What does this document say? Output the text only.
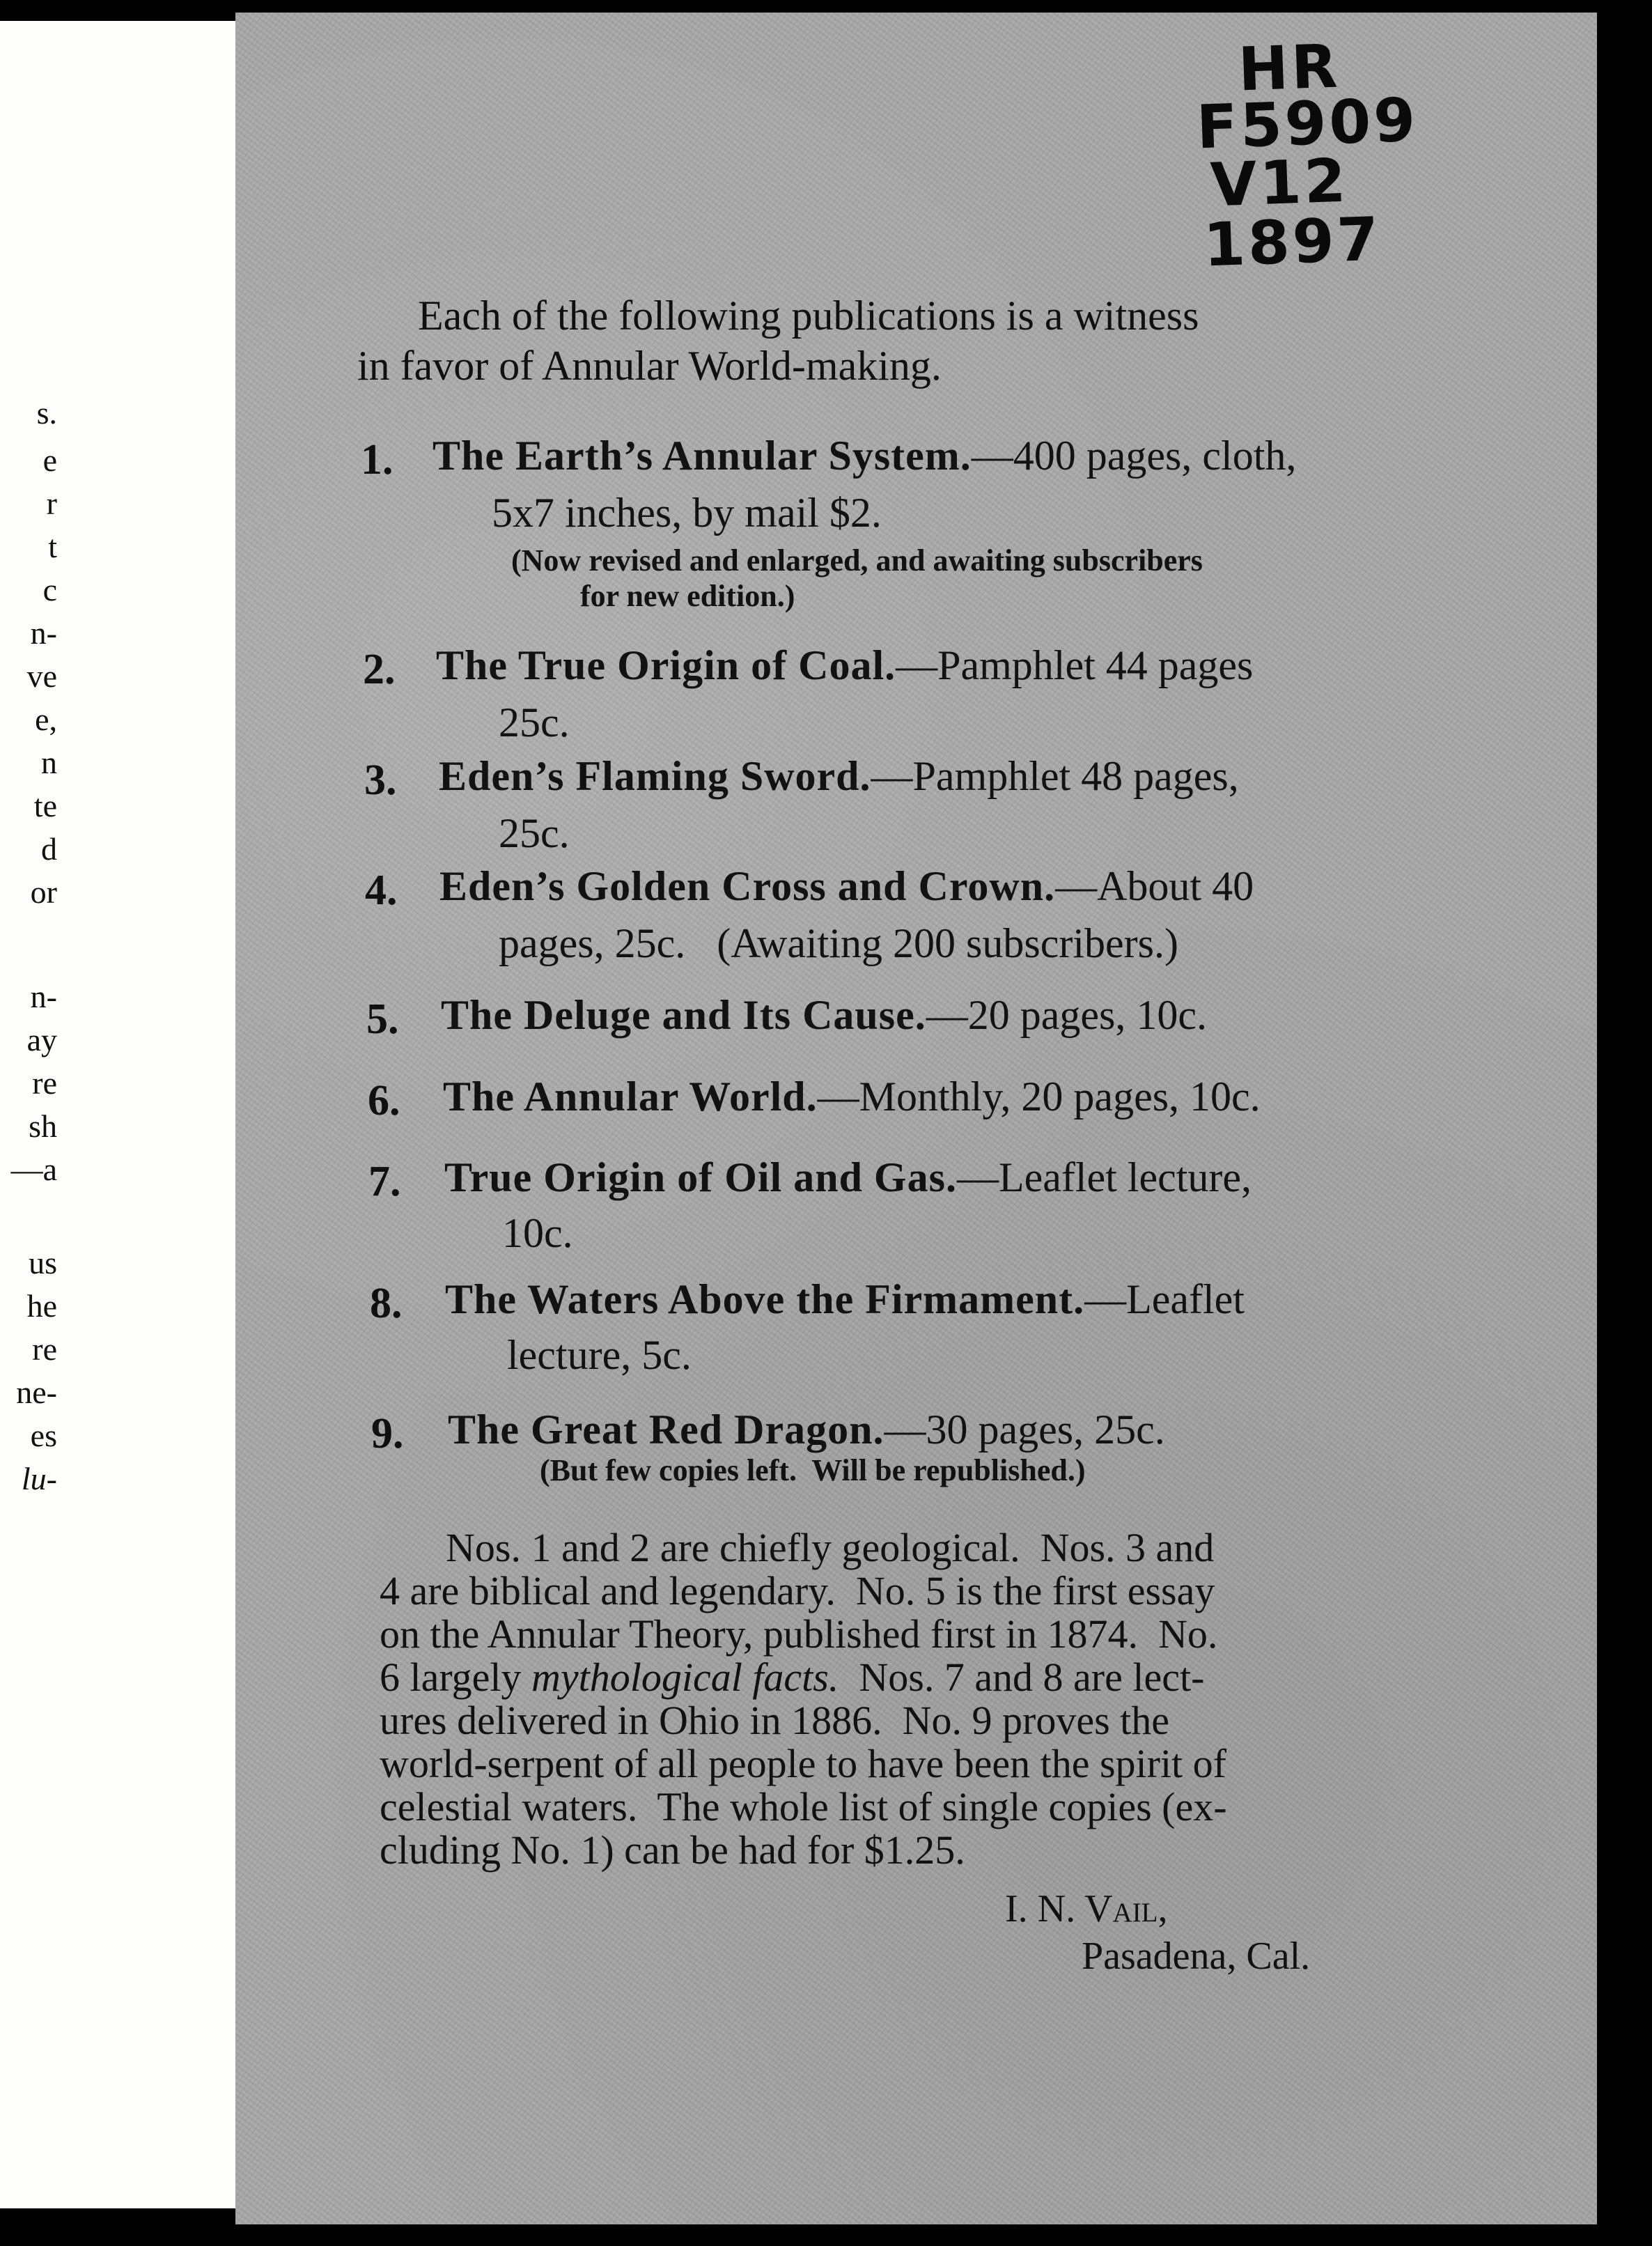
s.
e
r
t
c
n-
ve
e,
n
te
d
or
n-
ay
re
sh
—a
us
he
re
ne-
es
lu-
HR
F5909
V12
1897
Each of the following publications is a witness
in favor of Annular World-making.
1. The Earth’s Annular System.—400 pages, cloth,
5x7 inches, by mail $2.
(Now revised and enlarged, and awaiting subscribers
for new edition.)
2. The True Origin of Coal.—Pamphlet 44 pages
25c.
3. Eden’s Flaming Sword.—Pamphlet 48 pages,
25c.
4. Eden’s Golden Cross and Crown.—About 40
pages, 25c.   (Awaiting 200 subscribers.)
5. The Deluge and Its Cause.—20 pages, 10c.
6. The Annular World.—Monthly, 20 pages, 10c.
7. True Origin of Oil and Gas.—Leaflet lecture,
10c.
8. The Waters Above the Firmament.—Leaflet
lecture, 5c.
9. The Great Red Dragon.—30 pages, 25c.
(But few copies left.  Will be republished.)
Nos. 1 and 2 are chiefly geological.  Nos. 3 and
4 are biblical and legendary.  No. 5 is the first essay
on the Annular Theory, published first in 1874.  No.
6 largely mythological facts.  Nos. 7 and 8 are lect-
ures delivered in Ohio in 1886.  No. 9 proves the
world-serpent of all people to have been the spirit of
celestial waters.  The whole list of single copies (ex-
cluding No. 1) can be had for $1.25.
I. N. Vail,
Pasadena, Cal.
